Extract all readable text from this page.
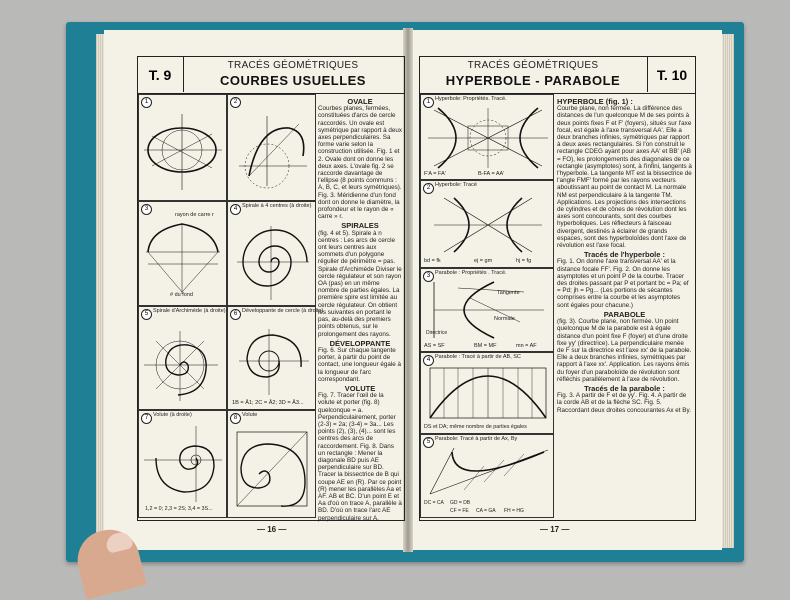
T. 9
TRACÉS GÉOMÉTRIQUES
COURBES USUELLES
1	2
3	4 Spirale à 4 centres (à droite)
5 Spirale d'Archimède (à droite)	6 Développante de cercle (à droite)
7 Volute (à droite)	8 Volute
rayon de carre r
# du fond
1B = Â1; 2C = Â2; 3D = Â3...
1,2 = 0; 2,3 = 2S; 3,4 = 3S...
OVALE
Courbes planes, fermées, constituées d'arcs de cercle raccordés. Un ovale est symétrique par rapport à deux axes perpendiculaires. Sa forme varie selon la construction utilisée. Fig. 1 et 2. Ovale dont on donne les deux axes. L'ovale fig. 2 se raccorde davantage de l'ellipse (8 points communs : A, B, C, et leurs symétriques). Fig. 3. Méridienne d'un fond dont on donne le diamètre, la profondeur et le rayon de « carre » r.
SPIRALES
(fig. 4 et 5). Spirale à n centres : Les arcs de cercle ont leurs centres aux sommets d'un polygone régulier de périmètre = pas. Spirale d'Archimède Diviser le cercle régulateur et son rayon OA (pas) en un même nombre de parties égales. La première spire est limitée au cercle régulateur. On obtient les suivantes en portant le pas, au-delà des premiers points obtenus, sur le prolongement des rayons.
DÉVELOPPANTE
Fig. 6. Sur chaque tangente porter, à partir du point de contact, une longueur égale à la longueur de l'arc correspondant.
VOLUTE
Fig. 7. Tracer l'œil de la volute et porter (fig. 8) quelconque = a. Perpendiculairement, porter (2-3) = 2a; (3-4) = 3a... Les points (2), (3), (4)... sont les centres des arcs de raccordement. Fig. 8. Dans un rectangle : Mener la diagonale BD puis AE perpendiculaire sur BD. Tracer la bissectrice de B qui coupe AE en (R). Par ce point (R) mener les parallèles Aa et AF. AB et BC. D'un point E et Aa d'où on trace A, parallèle à BD. D'où on trace l'arc AE perpendiculaire sur A.
— 16 —
TRACÉS GÉOMÉTRIQUES
HYPERBOLE - PARABOLE	T. 10
1 Hyperbole: Propriétés. Tracé.
2 Hyperbole: Tracé
3 Parabole : Propriétés . Tracé.
4 Parabole : Tracé à partir de AB, SC
5 Parabole: Tracé à partir de Ax, By
F'A = FA'	B-FA = AA'
bd = fk	ej = gm	hj = fg
Tangente
Normale
Directrice
AS = SF	BM = MF	mn = AF
DS et DA; même nombre de parties égales
DC = CA GD = DB
CF = FE CA = GA FH = HG
HYPERBOLE (fig. 1) :
Courbe plane, non fermée. La différence des distances de l'un quelconque M de ses points à deux points fixes F et F' (foyers), situés sur l'axe focal, est égale à l'axe transversal AA'. Elle a deux branches infinies, symétriques par rapport à deux axes rectangulaires. Si l'on construit le rectangle CDEG ayant pour axes AA' et BB' (AB = FO), les prolongements des diagonales de ce rectangle (asymptotes) sont, à l'infini, tangents à l'hyperbole. La tangente MT est la bissectrice de l'angle FMF' formé par les rayons vecteurs aboutissant au point de contact M. La normale NM est perpendiculaire à la tangente TM. Applications. Les projections des intersections de cylindres et de cônes de révolution dont les axes sont concourants, sont des courbes hyperboliques. Les réflecteurs à faisceau divergent, destinés à éclairer de grands espaces, sont des hyperboloïdes dont l'axe de révolution est l'axe focal.
Tracés de l'hyperbole :
Fig. 1. On donne l'axe transversal AA' et la distance focale FF'. Fig. 2. On donne les asymptotes et un point P de la courbe. Tracer des droites passant par P et portant bc = Pa; ef = Pd; jh = Pg... (Les portions de sécantes comprises entre la courbe et les asymptotes sont égales pour chacune.)
PARABOLE
(fig. 3). Courbe plane, non fermée. Un point quelconque M de la parabole est à égale distance d'un point fixe F (foyer) et d'une droite fixe yy' (directrice). La perpendiculaire menée de F sur la directrice est l'axe xx' de la parabole. Elle a deux branches infinies, symétriques par rapport à l'axe xx'. Application. Les rayons émis du foyer d'un paraboloïde de révolution sont réfléchis parallèlement à l'axe de révolution.
Tracés de la parabole :
Fig. 3. A partir de F et de yy'. Fig. 4. A partir de la corde AB et de la flèche SC. Fig. 5. Raccordant deux droites concourantes Ax et By.
— 17 —
